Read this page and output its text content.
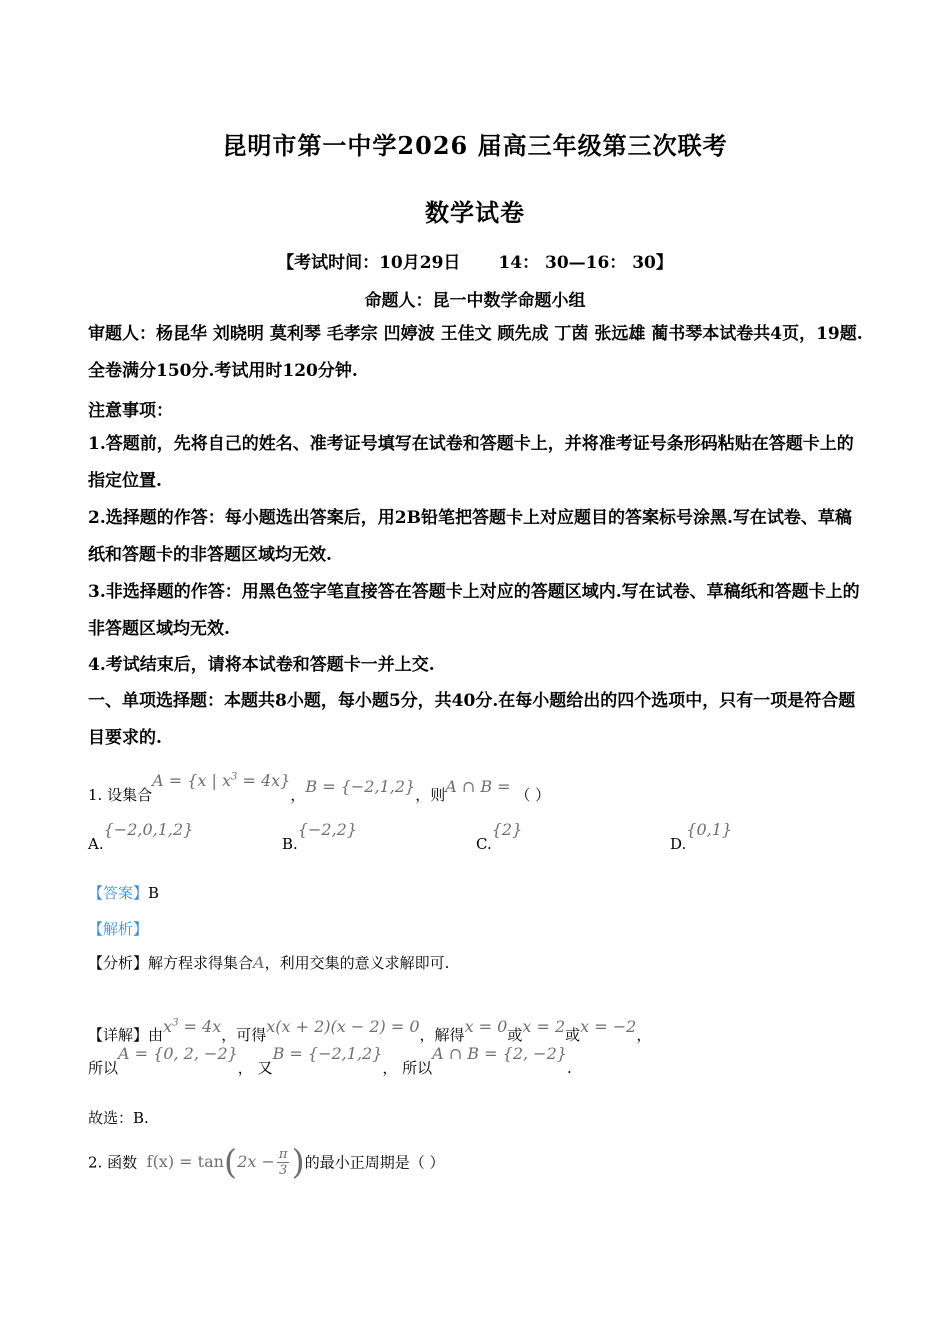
昆明市第一中学2026 届高三年级第三次联考
数学试卷
【考试时间：10月29日 14： 30—16： 30】
命题人：昆一中数学命题小组
审题人：杨昆华 刘晓明 莫利琴 毛孝宗 凹婷波 王佳文 顾先成 丁茵 张远雄 蔺书琴本试卷共4页，19题.全卷满分150分.考试用时120分钟.
注意事项：
1.答题前，先将自己的姓名、准考证号填写在试卷和答题卡上，并将准考证号条形码粘贴在答题卡上的指定位置.
2.选择题的作答：每小题选出答案后，用2B铅笔把答题卡上对应题目的答案标号涂黑.写在试卷、草稿纸和答题卡的非答题区域均无效.
3.非选择题的作答：用黑色签字笔直接答在答题卡上对应的答题区域内.写在试卷、草稿纸和答题卡上的非答题区域均无效.
4.考试结束后，请将本试卷和答题卡一并上交.
一、单项选择题：本题共8小题，每小题5分，共40分.在每小题给出的四个选项中，只有一项是符合题目要求的.
1. 设集合A = {x | $x^3 = 4x$}，B = {−2,1,2}，则A ∩ B = （ ）
A.{−2,0,1,2}
B.{−2,2}
C.{2}
D.{0,1}
【答案】B
【解析】
【分析】解方程求得集合A，利用交集的意义求解即可.
【详解】由$x^3 = 4x$，可得x(x + 2)(x − 2) = 0，解得x = 0或x = 2或x = −2，
所以A = {0, 2, −2}， 又B = {−2,1,2}， 所以A ∩ B = {2, −2}.
故选：B.
2. 函数 $f(x) = \tan(2x - \frac{\pi}{3}$ )的最小正周期是（ ）
